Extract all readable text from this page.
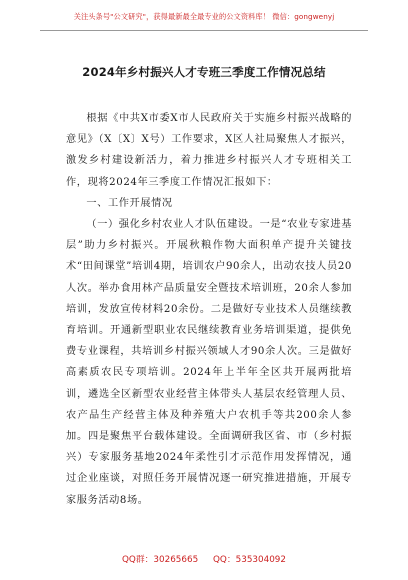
关注头条号"公文研究"，获得最新最全最专业的公文资料库！ 微信：gongwenyj
2024年乡村振兴人才专班三季度工作情况总结

根据《中共X市委X市人民政府关于实施乡村振兴战略的意见》（X〔X〕X号）工作要求，X区人社局聚焦人才振兴，激发乡村建设新活力，着力推进乡村振兴人才专班相关工作，现将2024年三季度工作情况汇报如下：

一、工作开展情况

（一）强化乡村农业人才队伍建设。一是“农业专家进基层”助力乡村振兴。开展秋粮作物大面积单产提升关键技术“田间课堂”培训4期，培训农户90余人，出动农技人员20人次。举办食用林产品质量安全暨技术培训班，20余人参加培训，发放宣传材料20余份。二是做好专业技术人员继续教育培训。开通新型职业农民继续教育业务培训渠道，提供免费专业课程，共培训乡村振兴领域人才90余人次。三是做好高素质农民专项培训。2024年上半年全区共开展两批培训，遴选全区新型农业经营主体带头人基层农经管理人员、农产品生产经营主体及种养殖大户农机手等共200余人参加。四是聚焦平台载体建设。全面调研我区省、市（乡村振兴）专家服务基地2024年柔性引才示范作用发挥情况，通过企业座谈，对照任务开展情况逐一研究推进措施，开展专家服务活动8场。

QQ群：30265665 QQ：535304092
